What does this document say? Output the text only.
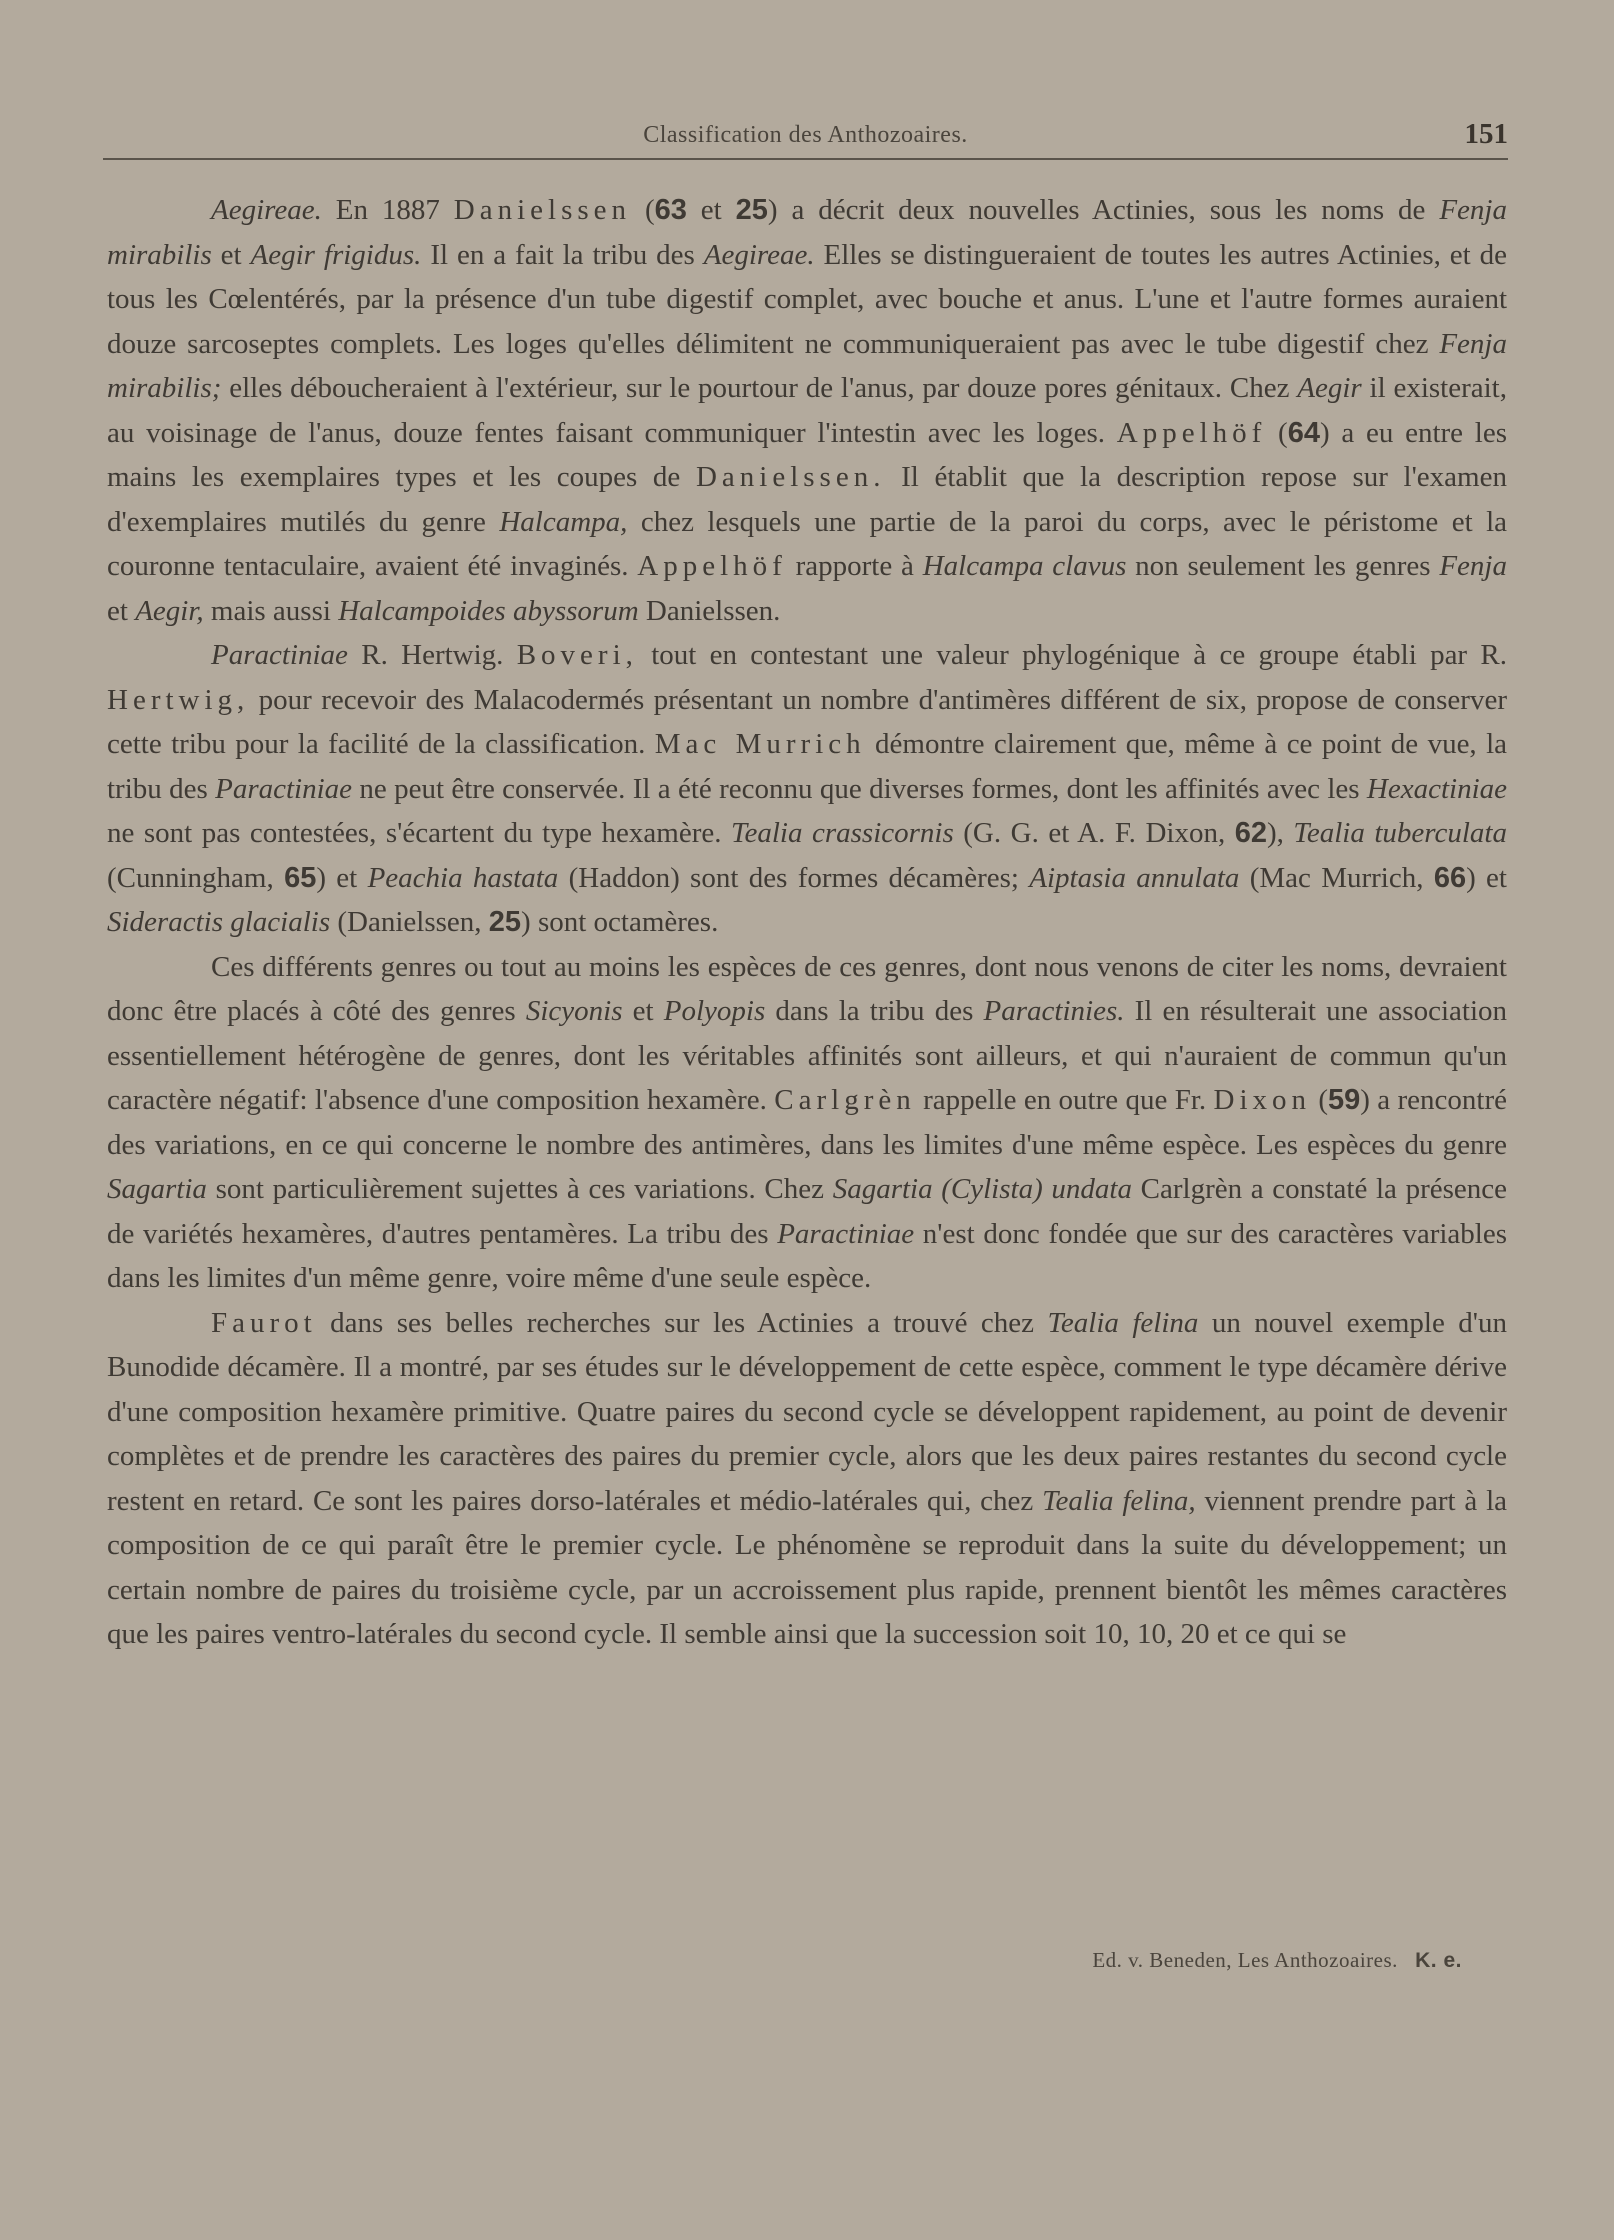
Classification des Anthozoaires.	151

Aegireae. En 1887 Danielssen (63 et 25) a décrit deux nouvelles Actinies, sous les noms de Fenja mirabilis et Aegir frigidus. Il en a fait la tribu des Aegireae. Elles se distingueraient de toutes les autres Actinies, et de tous les Cœlentérés, par la présence d'un tube digestif complet, avec bouche et anus. L'une et l'autre formes auraient douze sarcoseptes complets. Les loges qu'elles délimitent ne communiqueraient pas avec le tube digestif chez Fenja mirabilis; elles déboucheraient à l'extérieur, sur le pourtour de l'anus, par douze pores génitaux. Chez Aegir il existerait, au voisinage de l'anus, douze fentes faisant communiquer l'intestin avec les loges. Appelhöf (64) a eu entre les mains les exemplaires types et les coupes de Danielssen. Il établit que la description repose sur l'examen d'exemplaires mutilés du genre Halcampa, chez lesquels une partie de la paroi du corps, avec le péristome et la couronne tentaculaire, avaient été invaginés. Appelhöf rapporte à Halcampa clavus non seulement les genres Fenja et Aegir, mais aussi Halcampoides abyssorum Danielssen.

Paractiniae R. Hertwig. Boveri, tout en contestant une valeur phylogénique à ce groupe établi par R. Hertwig, pour recevoir des Malacodermés présentant un nombre d'antimères différent de six, propose de conserver cette tribu pour la facilité de la classification. Mac Murrich démontre clairement que, même à ce point de vue, la tribu des Paractiniae ne peut être conservée. Il a été reconnu que diverses formes, dont les affinités avec les Hexactiniae ne sont pas contestées, s'écartent du type hexamère. Tealia crassicornis (G. G. et A. F. Dixon, 62), Tealia tuberculata (Cunningham, 65) et Peachia hastata (Haddon) sont des formes décamères; Aiptasia annulata (Mac Murrich, 66) et Sideractis glacialis (Danielssen, 25) sont octamères.

Ces différents genres ou tout au moins les espèces de ces genres, dont nous venons de citer les noms, devraient donc être placés à côté des genres Sicyonis et Polyopis dans la tribu des Paractinies. Il en résulterait une association essentiellement hétérogène de genres, dont les véritables affinités sont ailleurs, et qui n'auraient de commun qu'un caractère négatif: l'absence d'une composition hexamère. Carlgrèn rappelle en outre que Fr. Dixon (59) a rencontré des variations, en ce qui concerne le nombre des antimères, dans les limites d'une même espèce. Les espèces du genre Sagartia sont particulièrement sujettes à ces variations. Chez Sagartia (Cylista) undata Carlgrèn a constaté la présence de variétés hexamères, d'autres pentamères. La tribu des Paractiniae n'est donc fondée que sur des caractères variables dans les limites d'un même genre, voire même d'une seule espèce.

Faurot dans ses belles recherches sur les Actinies a trouvé chez Tealia felina un nouvel exemple d'un Bunodide décamère. Il a montré, par ses études sur le développement de cette espèce, comment le type décamère dérive d'une composition hexamère primitive. Quatre paires du second cycle se développent rapidement, au point de devenir complètes et de prendre les caractères des paires du premier cycle, alors que les deux paires restantes du second cycle restent en retard. Ce sont les paires dorso-latérales et médio-latérales qui, chez Tealia felina, viennent prendre part à la composition de ce qui paraît être le premier cycle. Le phénomène se reproduit dans la suite du développement; un certain nombre de paires du troisième cycle, par un accroissement plus rapide, prennent bientôt les mêmes caractères que les paires ventro-latérales du second cycle. Il semble ainsi que la succession soit 10, 10, 20 et ce qui se

Ed. v. Beneden, Les Anthozoaires. K. e.
